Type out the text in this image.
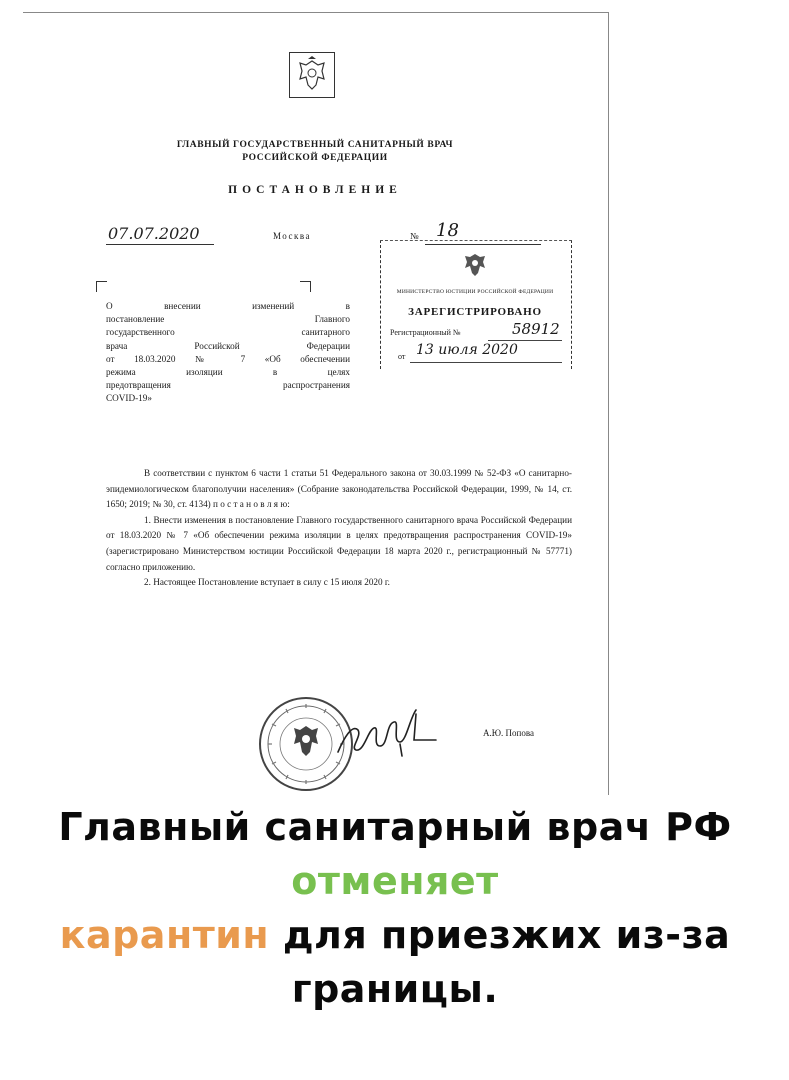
ГЛАВНЫЙ ГОСУДАРСТВЕННЫЙ САНИТАРНЫЙ ВРАЧ
РОССИЙСКОЙ ФЕДЕРАЦИИ
ПОСТАНОВЛЕНИЕ
07.07.2020	Москва	№ 18
О внесении изменений в
постановление Главного
государственного санитарного
врача Российской Федерации
от 18.03.2020 № 7 «Об обеспечении
режима изоляции в целях
предотвращения распространения
COVID-19»
МИНИСТЕРСТВО ЮСТИЦИИ РОССИЙСКОЙ ФЕДЕРАЦИИ
ЗАРЕГИСТРИРОВАНО
Регистрационный №	58912
от 13 июля 2020

В соответствии с пунктом 6 части 1 статьи 51 Федерального закона от 30.03.1999 № 52-ФЗ «О санитарно-эпидемиологическом благополучии населения» (Собрание законодательства Российской Федерации, 1999, № 14, ст. 1650; 2019; № 30, ст. 4134) п о с т а н о в л я ю:

1. Внести изменения в постановление Главного государственного санитарного врача Российской Федерации от 18.03.2020 № 7 «Об обеспечении режима изоляции в целях предотвращения распространения COVID-19» (зарегистрировано Министерством юстиции Российской Федерации 18 марта 2020 г., регистрационный № 57771) согласно приложению.

2. Настоящее Постановление вступает в силу с 15 июля 2020 г.

А.Ю. Попова
Главный санитарный врач РФ отменяет
карантин для приезжих из-за границы.
